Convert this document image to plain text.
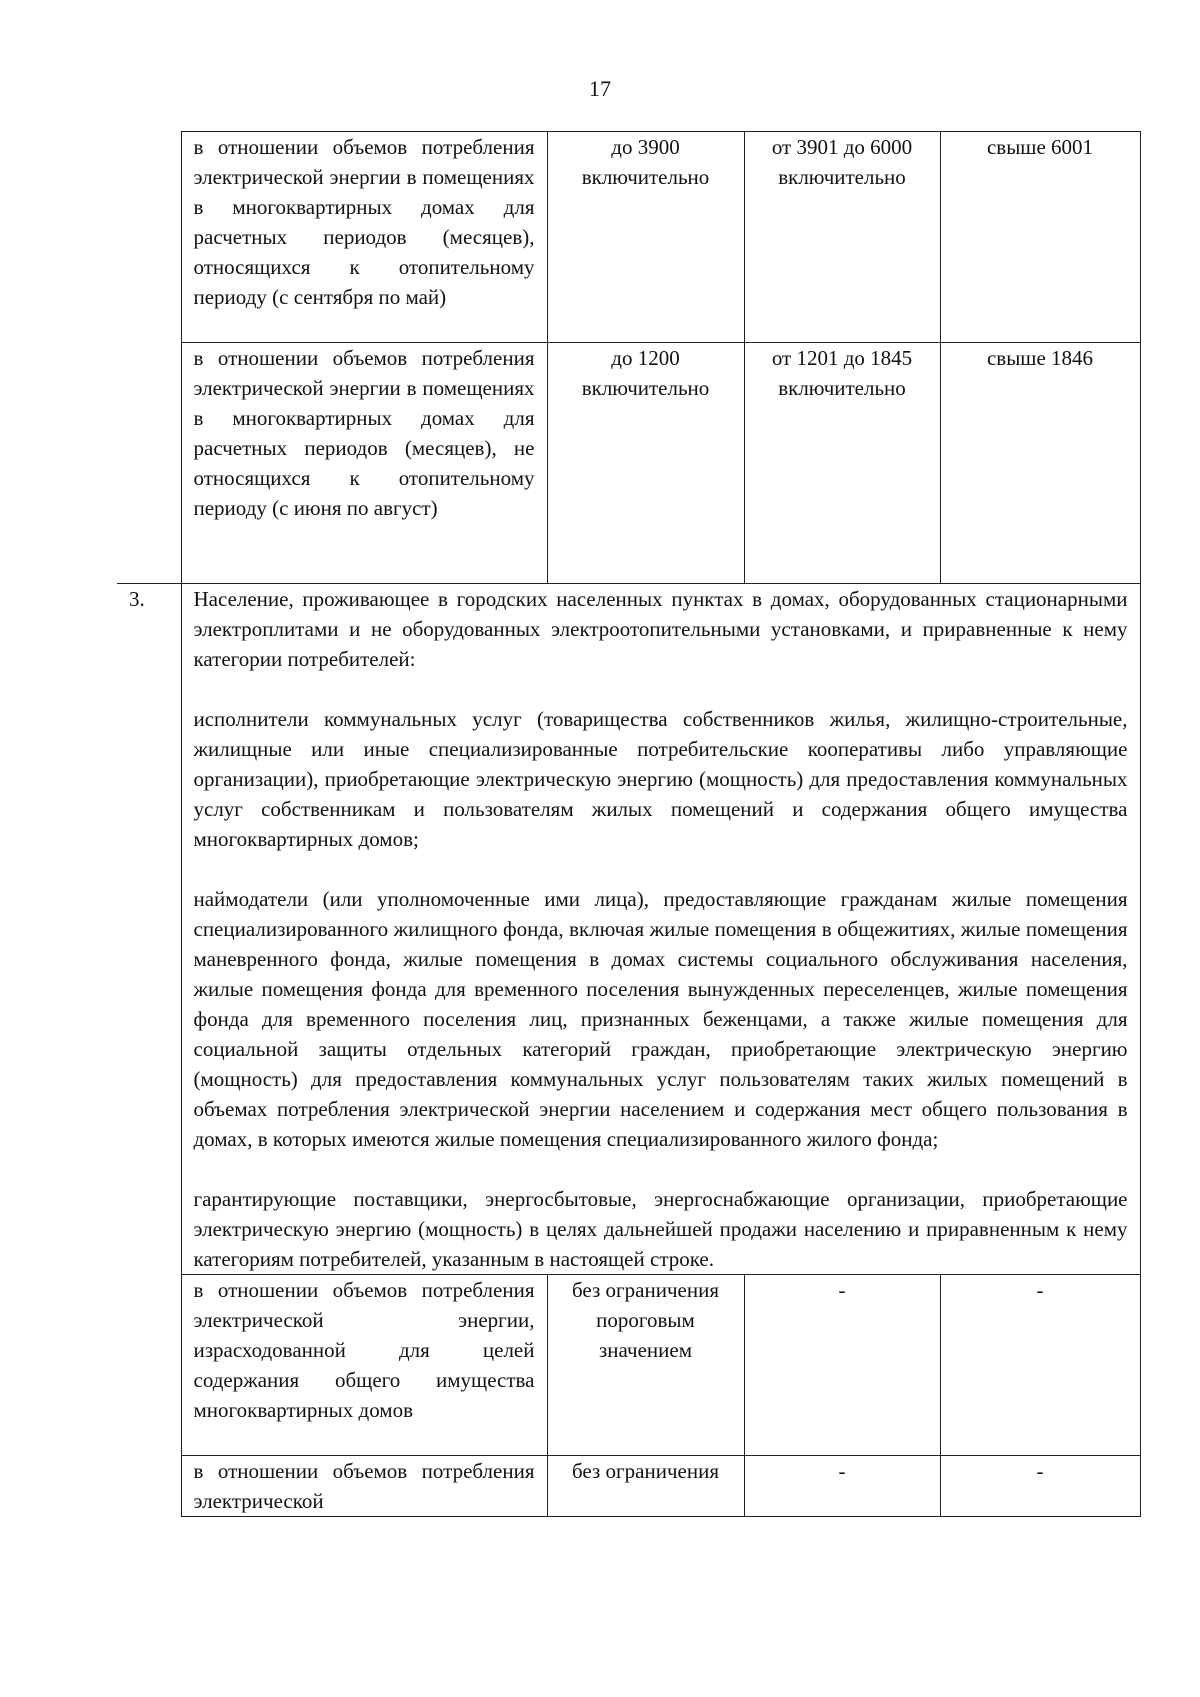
17
	в отношении объемов потребления электрической энергии в помещениях в многоквартирных домах для расчетных периодов (месяцев), относящихся к отопительному периоду (с сентября по май)	до 3900 включительно	от 3901 до 6000 включительно	свыше 6001
	в отношении объемов потребления электрической энергии в помещениях в многоквартирных домах для расчетных периодов (месяцев), не относящихся к отопительному периоду (с июня по август)	до 1200 включительно	от 1201 до 1845 включительно	свыше 1846
3.	Население, проживающее в городских населенных пунктах в домах, оборудованных стационарными электроплитами и не оборудованных электроотопительными установками, и приравненные к нему категории потребителей:

исполнители коммунальных услуг (товарищества собственников жилья, жилищно-строительные, жилищные или иные специализированные потребительские кооперативы либо управляющие организации), приобретающие электрическую энергию (мощность) для предоставления коммунальных услуг собственникам и пользователям жилых помещений и содержания общего имущества многоквартирных домов;

наймодатели (или уполномоченные ими лица), предоставляющие гражданам жилые помещения специализированного жилищного фонда, включая жилые помещения в общежитиях, жилые помещения маневренного фонда, жилые помещения в домах системы социального обслуживания населения, жилые помещения фонда для временного поселения вынужденных переселенцев, жилые помещения фонда для временного поселения лиц, признанных беженцами, а также жилые помещения для социальной защиты отдельных категорий граждан, приобретающие электрическую энергию (мощность) для предоставления коммунальных услуг пользователям таких жилых помещений в объемах потребления электрической энергии населением и содержания мест общего пользования в домах, в которых имеются жилые помещения специализированного жилого фонда;

гарантирующие поставщики, энергосбытовые, энергоснабжающие организации, приобретающие электрическую энергию (мощность) в целях дальнейшей продажи населению и приравненным к нему категориям потребителей, указанным в настоящей строке.			

	в отношении объемов потребления электрической энергии, израсходованной для целей содержания общего имущества многоквартирных домов	без ограничения пороговым значением	-	-
	в отношении объемов потребления электрической	без ограничения	-	-
